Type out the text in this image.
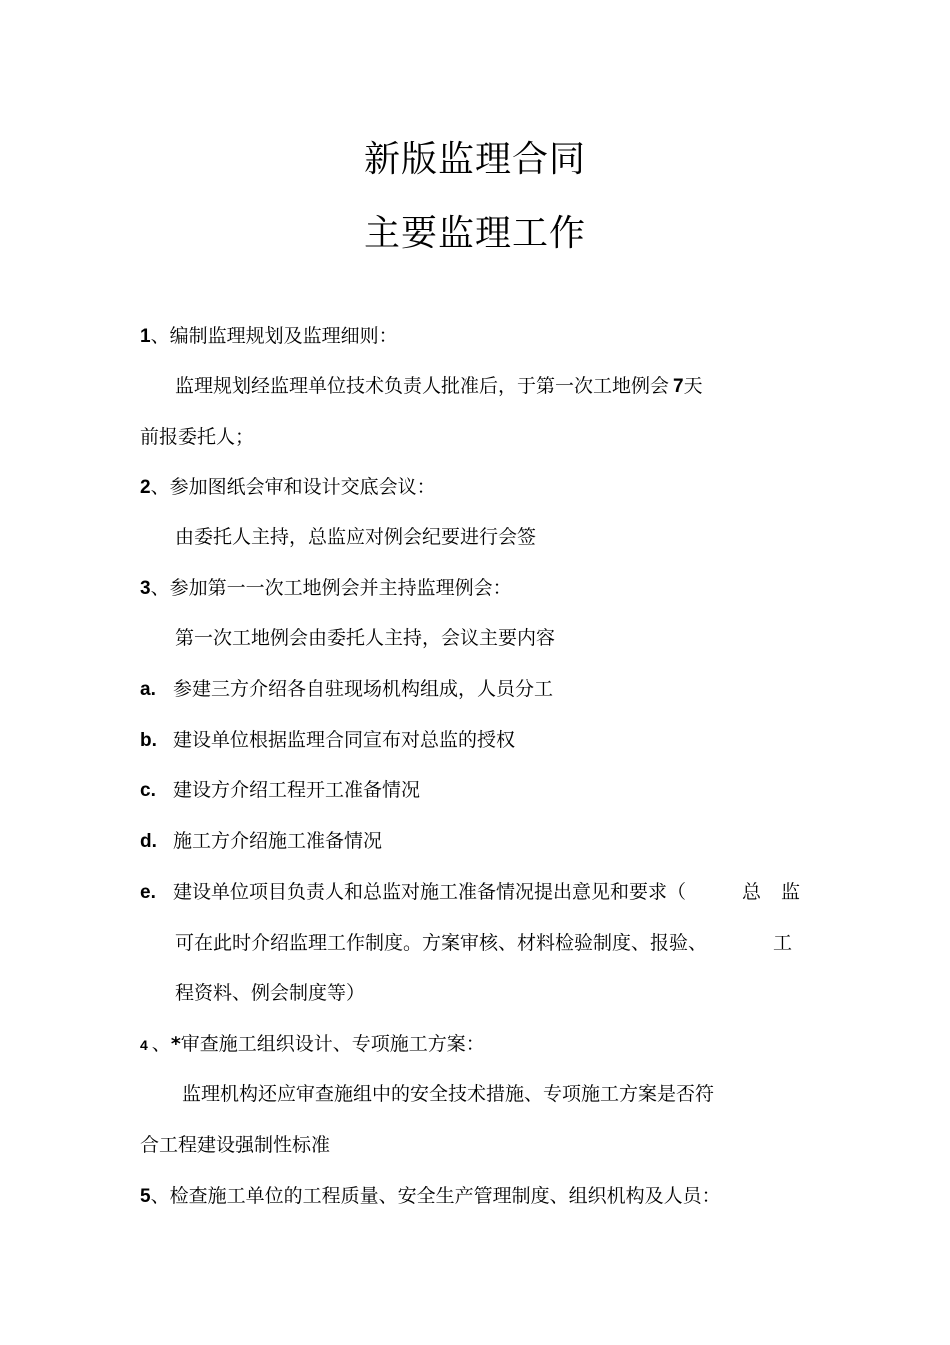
新版监理合同
主要监理工作
1、编制监理规划及监理细则：
监理规划经监理单位技术负责人批准后，于第一次工地例会 7天
前报委托人；
2、参加图纸会审和设计交底会议：
由委托人主持，总监应对例会纪要进行会签
3、参加第一一次工地例会并主持监理例会：
第一次工地例会由委托人主持，会议主要内容
a. 参建三方介绍各自驻现场机构组成，人员分工
b. 建设单位根据监理合同宣布对总监的授权
c. 建设方介绍工程开工准备情况
d. 施工方介绍施工准备情况
e. 建设单位项目负责人和总监对施工准备情况提出意见和要求（	总 监
可在此时介绍监理工作制度。方案审核、材料检验制度、报验、	工
程资料、例会制度等）
4 、*审查施工组织设计、专项施工方案：
监理机构还应审查施组中的安全技术措施、专项施工方案是否符
合工程建设强制性标准
5、检查施工单位的工程质量、安全生产管理制度、组织机构及人员：
